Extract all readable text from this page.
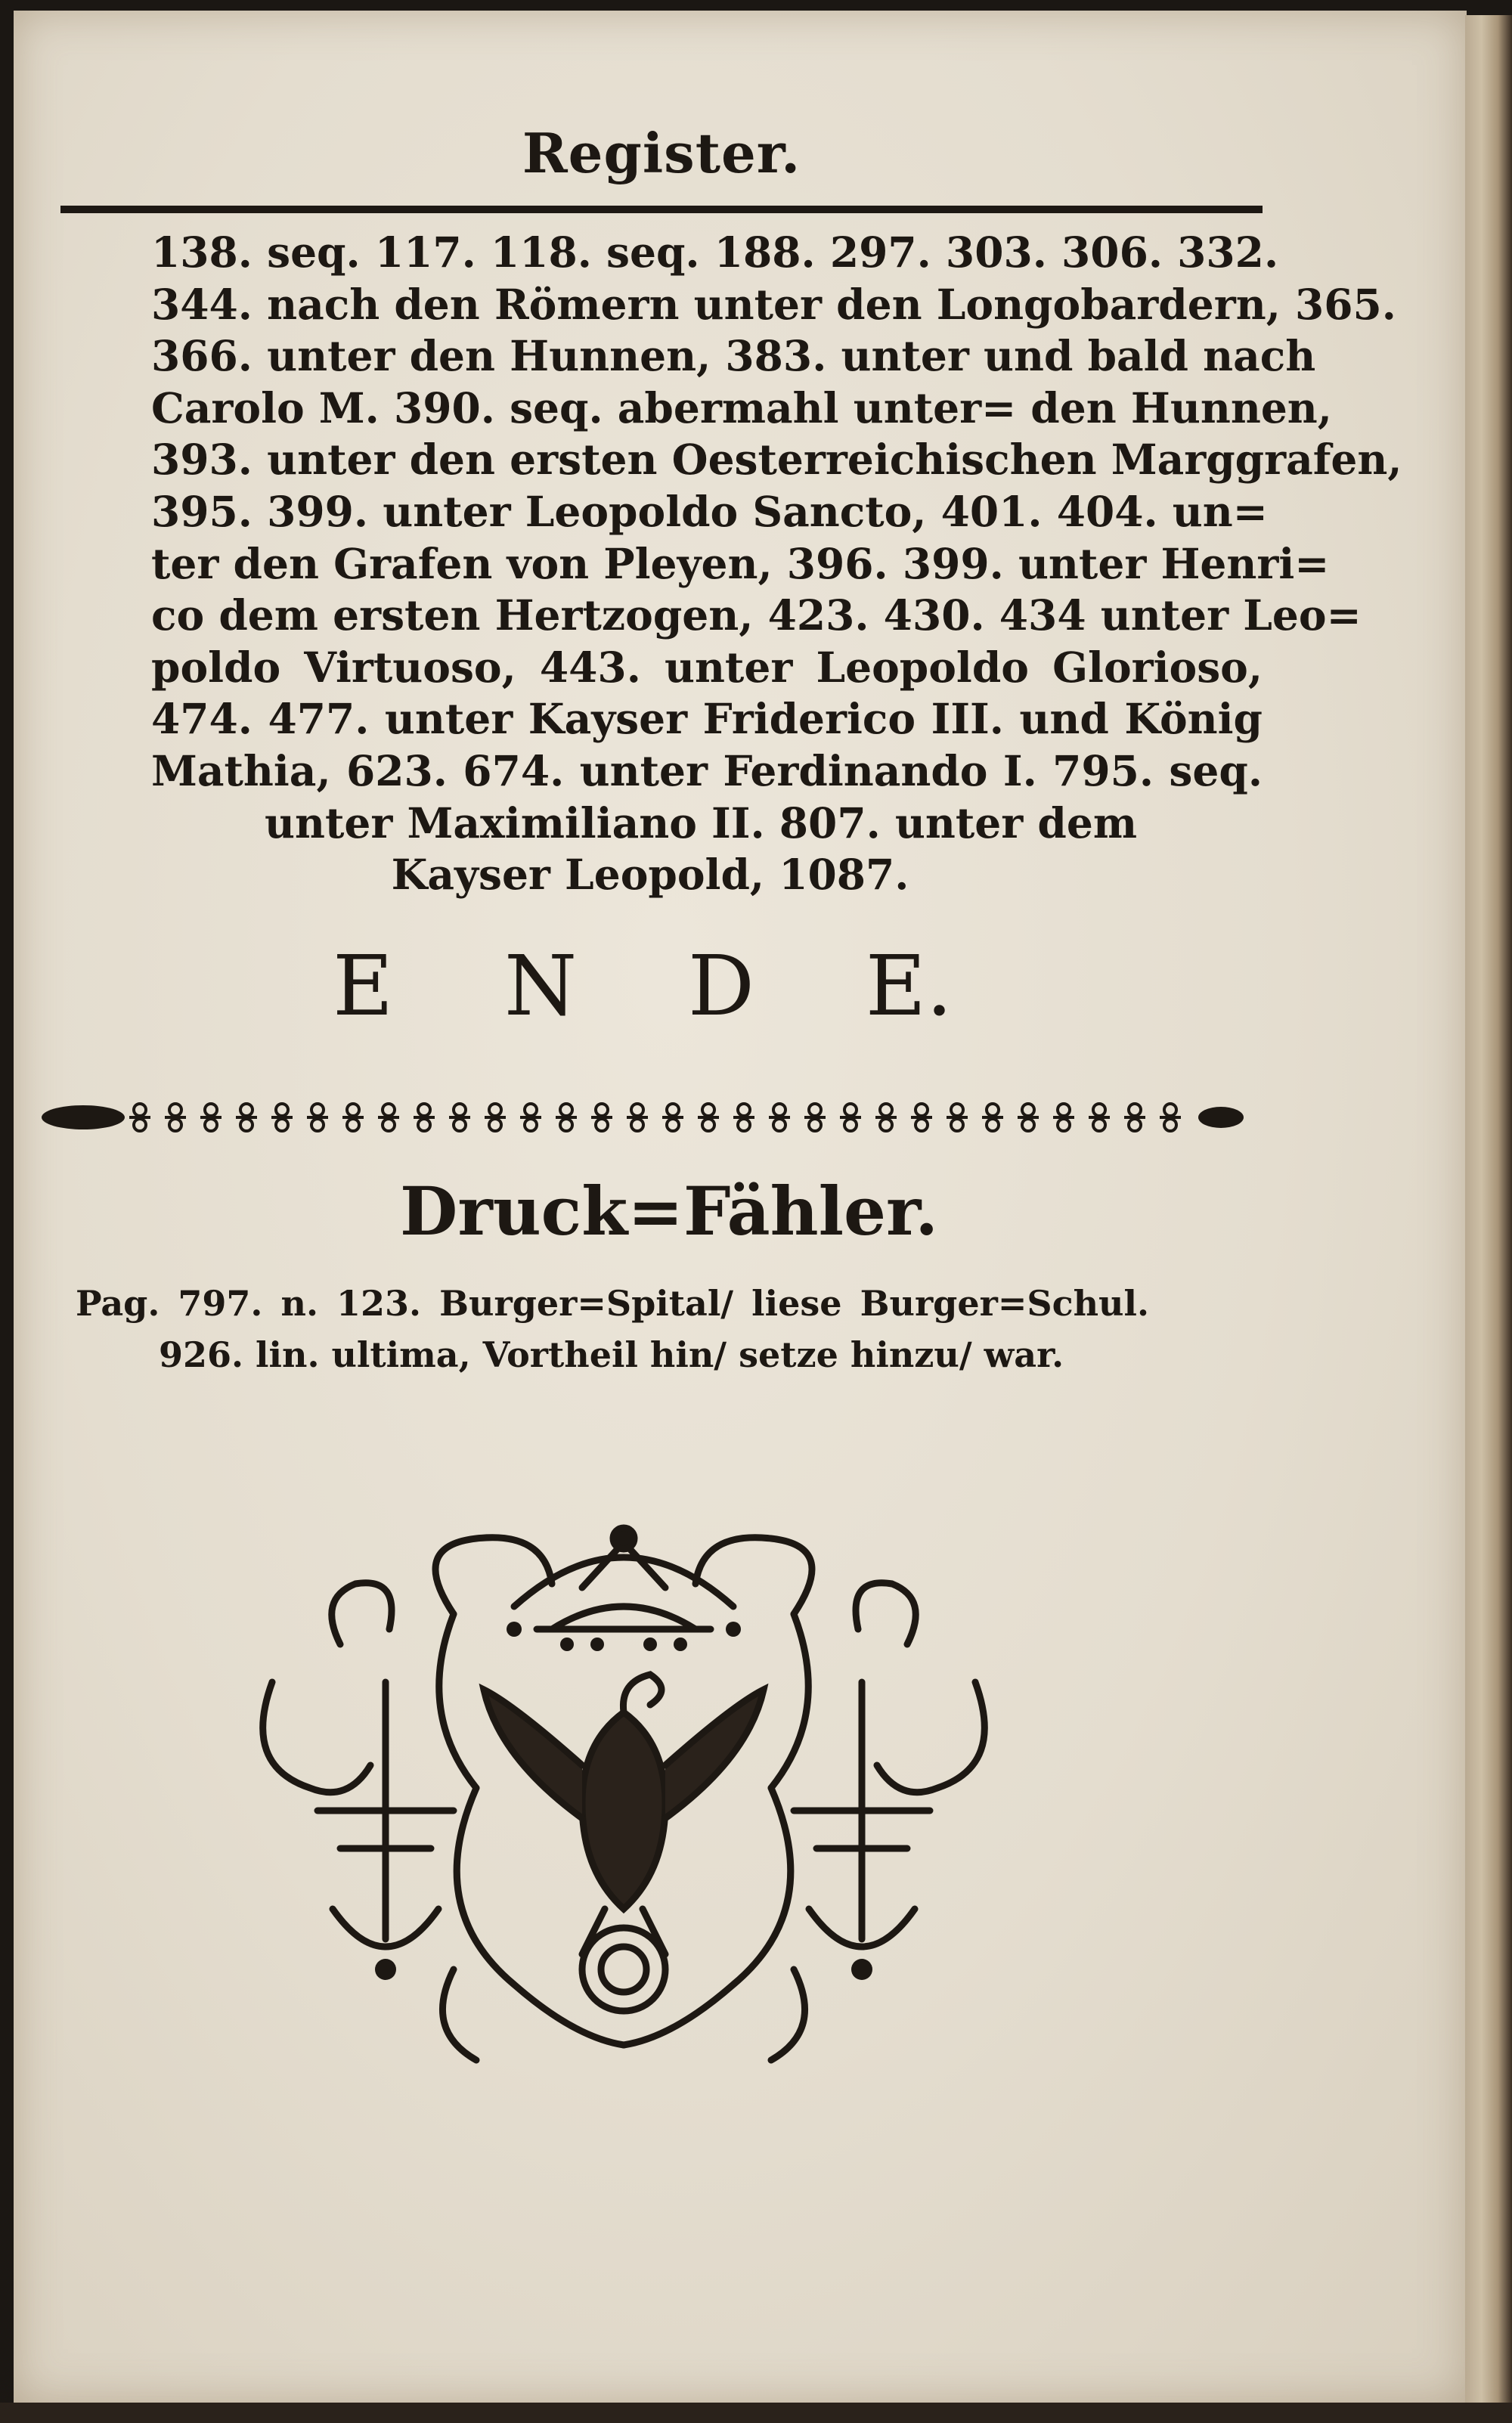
Register.
138. seq. 117. 118. seq. 188. 297. 303. 306. 332.
344. nach den Römern unter den Longobardern, 365.
366. unter den Hunnen, 383. unter und bald nach
Carolo M. 390. seq. abermahl unter= den Hunnen,
393. unter den ersten Oesterreichischen Marggrafen,
395. 399. unter Leopoldo Sancto, 401. 404. un=
ter den Grafen von Pleyen, 396. 399. unter Henri=
co dem ersten Hertzogen, 423. 430. 434 unter Leo=
poldo Virtuoso, 443. unter Leopoldo Glorioso,
474. 477. unter Kayser Friderico III. und König
Mathia, 623. 674. unter Ferdinando I. 795. seq.
unter Maximiliano II. 807. unter dem
Kayser Leopold, 1087.
E N D E.
Druck=Fähler.
Pag. 797. n. 123. Burger=Spital/ liese Burger=Schul.
926. lin. ultima, Vortheil hin/ setze hinzu/ war.
